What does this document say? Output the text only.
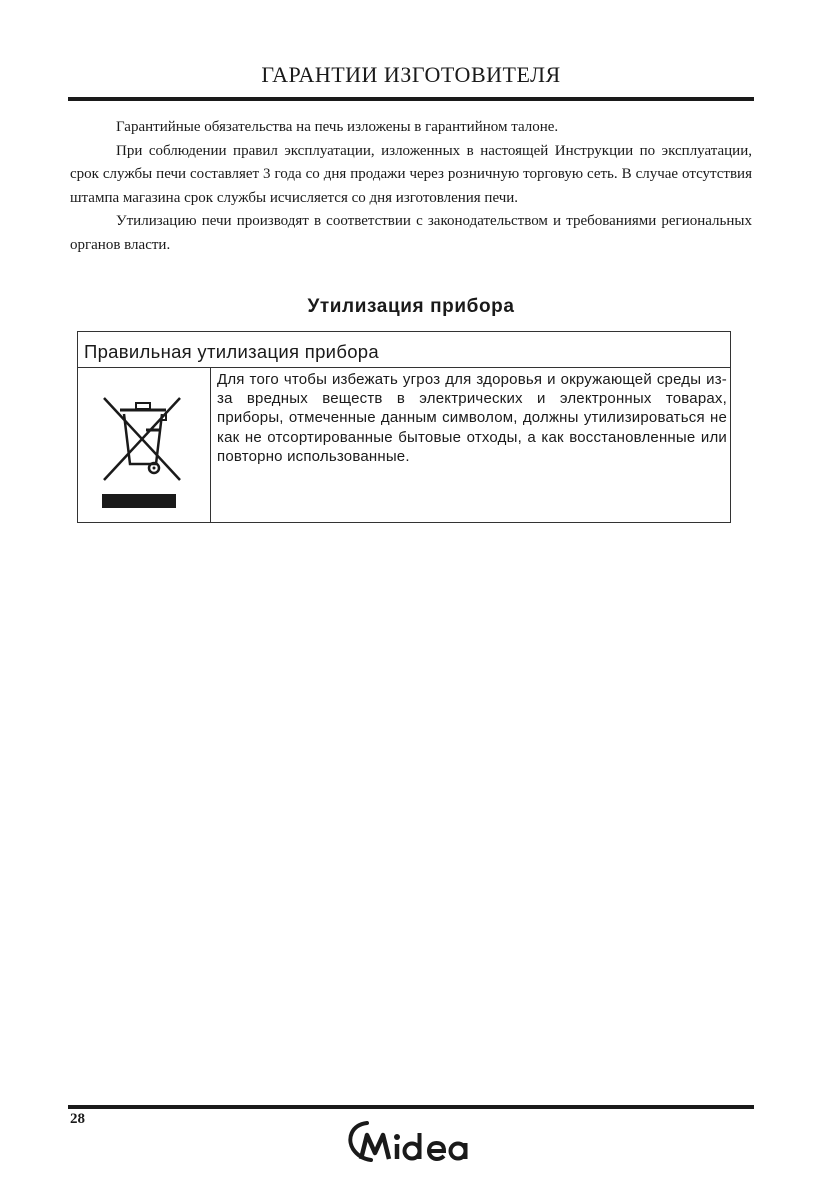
ГАРАНТИИ ИЗГОТОВИТЕЛЯ

Гарантийные обязательства на печь изложены в гарантийном талоне.

При соблюдении правил эксплуатации, изложенных в настоящей Инструкции по эксплуатации, срок службы печи составляет 3 года со дня продажи через розничную торговую сеть. В случае отсутствия штампа магазина срок службы исчисляется со дня изготовления печи.

Утилизацию печи производят в соответствии с законодательством и требованиями региональных органов власти.

Утилизация прибора
Правильная утилизация прибора

Для того чтобы избежать угроз для здоровья и окружающей среды из-за вредных веществ в электрических и электронных товарах, приборы, отмеченные данным символом, должны утилизироваться не как не отсортированные бытовые отходы, а как восстановленные или повторно использованные.

28
